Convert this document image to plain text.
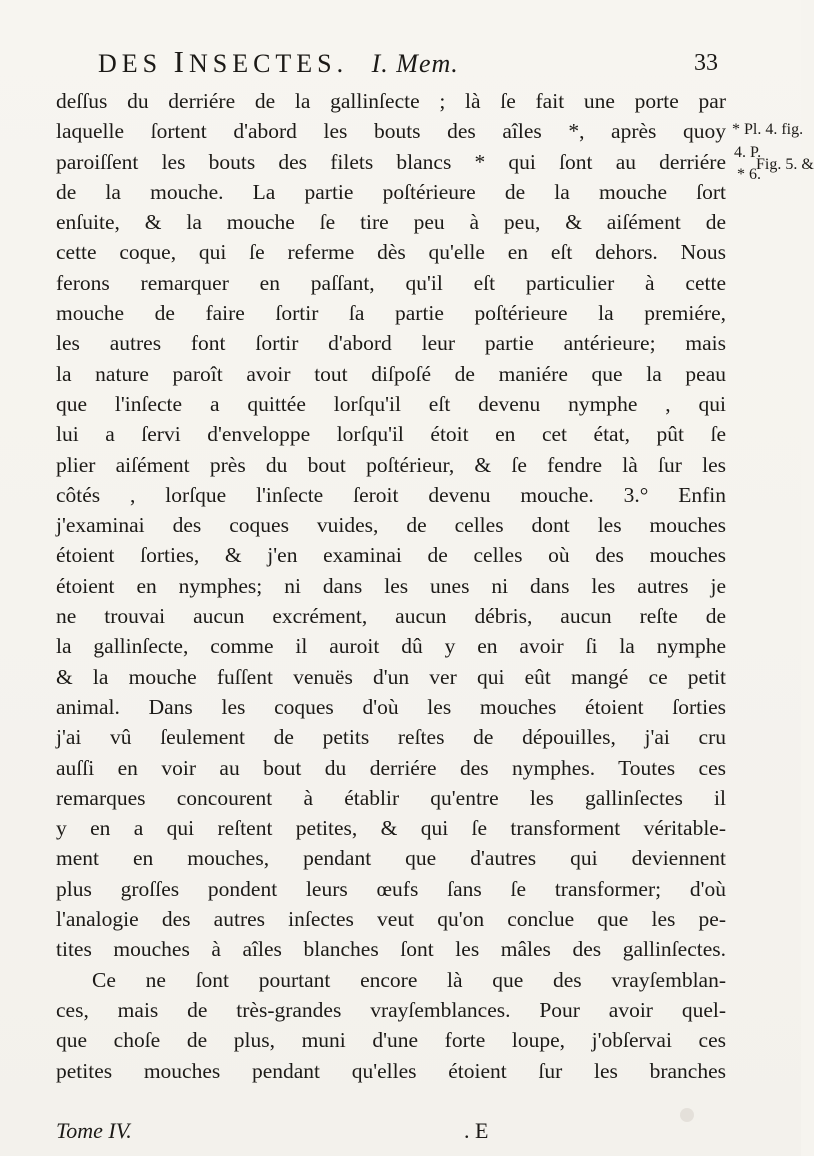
DES INSECTES. I. Mem.	33
deſſus du derriére de la gallinſecte ; là ſe fait une porte par
laquelle ſortent d'abord les bouts des aîles *, après quoy
paroiſſent les bouts des filets blancs * qui ſont au derriére
de la mouche. La partie poſtérieure de la mouche ſort
enſuite, & la mouche ſe tire peu à peu, & aiſément de
cette coque, qui ſe referme dès qu'elle en eſt dehors. Nous
ferons remarquer en paſſant, qu'il eſt particulier à cette
mouche de faire ſortir ſa partie poſtérieure la premiére,
les autres font ſortir d'abord leur partie antérieure; mais
la nature paroît avoir tout diſpoſé de maniére que la peau
que l'inſecte a quittée lorſqu'il eſt devenu nymphe , qui
lui a ſervi d'enveloppe lorſqu'il étoit en cet état, pût ſe
plier aiſément près du bout poſtérieur, & ſe fendre là ſur les
côtés , lorſque l'inſecte ſeroit devenu mouche. 3.° Enfin
j'examinai des coques vuides, de celles dont les mouches
étoient ſorties, & j'en examinai de celles où des mouches
étoient en nymphes; ni dans les unes ni dans les autres je
ne trouvai aucun excrément, aucun débris, aucun reſte de
la gallinſecte, comme il auroit dû y en avoir ſi la nymphe
& la mouche fuſſent venuës d'un ver qui eût mangé ce petit
animal. Dans les coques d'où les mouches étoient ſorties
j'ai vû ſeulement de petits reſtes de dépouilles, j'ai cru
auſſi en voir au bout du derriére des nymphes. Toutes ces
remarques concourent à établir qu'entre les gallinſectes il
y en a qui reſtent petites, & qui ſe transforment véritable-
ment en mouches, pendant que d'autres qui deviennent
plus groſſes pondent leurs œufs ſans ſe transformer; d'où
l'analogie des autres inſectes veut qu'on conclue que les pe-
tites mouches à aîles blanches ſont les mâles des gallinſectes.
Ce ne ſont pourtant encore là que des vrayſemblan-
ces, mais de très-grandes vrayſemblances. Pour avoir quel-
que choſe de plus, muni d'une forte loupe, j'obſervai ces
petites mouches pendant qu'elles étoient ſur les branches
* Pl. 4. fig.
4. P.
Fig. 5. &
* 6.
Tome IV.	. E
